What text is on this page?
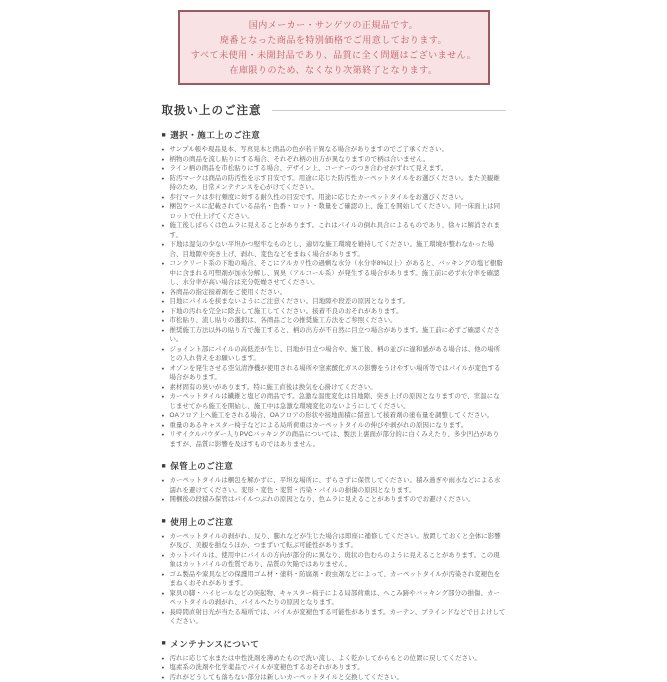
国内メーカー・サンゲツの正規品です。

廃番となった商品を特別価格でご用意しております。

すべて未使用・未開封品であり、品質に全く問題はございません。

在庫限りのため、なくなり次第終了となります。

取扱い上のご注意
■ 選択・施工上のご注意
● サンプル帳や現品見本、写真見本と商品の色が若干異なる場合がありますのでご了承ください。
● 柄物の商品を流し貼りにする場合、それぞれ柄の出方が異なりますので柄は合いません。
● ライン柄の商品を市松貼りにする場合、デザイン上、コーナーのつき合わせがずれて見えます。
● 防汚マークは商品の防汚性を示す目安です。用途に応じた防汚性カーペットタイルをお選びください。また美観維持のため、日常メンテナンスを心がけてください。
● 歩行マークは歩行頻度に対する耐久性の目安です。用途に応じたカーペットタイルをお選びください。
● 梱包ケースに記載されている品名・色番・ロット・数量をご確認の上、施工を開始してください。同一床面上は同ロットで仕上げてください。
● 施工後しばらくは色ムラに見えることがあります。これはパイルの倒れ具合によるものであり、徐々に解消されます。
● 下地は湿気の少ない平坦かつ堅牢なものとし、適切な施工環境を維持してください。施工環境が整わなかった場合、目地隙や突き上げ、剥れ、変色などをまねく場合があります。
● コンクリート系の下地の場合、そこにアルカリ性の過剰な水分（水分率8%以上）があると、バッキングの塩ビ樹脂中に含まれる可塑剤が加水分解し、異臭（アルコール系）が発生する場合があります。施工前に必ず水分率を確認し、水分率が高い場合は充分乾燥させてください。
● 各商品の指定接着剤をご使用ください。
● 目地にパイルを挟まないようにご注意ください。目地隙や段差の原因となります。
● 下地の汚れを完全に除去して施工してください。接着不良のおそれがあります。
● 市松貼り、流し貼りの選択は、各商品ごとの推奨施工方法をご参照ください。
● 推奨施工方法以外の貼り方で施工すると、柄の出方が不自然に目立つ場合があります。施工前に必ずご確認ください。
● ジョイント部にパイルの高低差が生じ、目地が目立つ場合や、施工後、柄の並びに違和感がある場合は、他の場所との入れ替えをお願いします。
● オゾンを発生させる空気清浄機が使用される場所や窒素酸化ガスの影響をうけやすい場所等ではパイルが変色する場合があります。
● 素材固有の臭いがあります。特に施工直後は換気を心掛けてください。
● カーペットタイルは繊維と塩ビの商品です。急激な温度変化は目地隙、突き上げの原因となりますので、室温になじませてから施工を開始し、施工中は急激な環境変化のないようにしてください。
● OAフロア上へ施工をされる場合、OAフロアの形状や接地面積に留意して接着剤の塗布量を調整してください。
● 重量のあるキャスター椅子などによる局所荷重はカーペットタイルの伸びや剥がれの原因になります。
● リサイクルパウダー入りPVCバッキングの商品については、製法上裏面が部分的に白くみえたり、多少凹凸がありますが、品質に影響を及ぼすものではありません。
■ 保管上のご注意
● カーペットタイルは梱包を解かずに、平坦な場所に、ずらさずに保管してください。積み過ぎや雨水などによる水濡れを避けてください。変形・変色・変質・汚染・パイルの損傷の原因となります。
● 開梱後の段積み保管はパイルつぶれの原因となり、色ムラに見えることがありますのでお避けください。
■ 使用上のご注意
● カーペットタイルの剥がれ、反り、膨れなどが生じた場合は即座に補修してください。放置しておくと全体に影響が及び、美観を損なうほか、つまずいて転ぶ可能性があります。
● カットパイルは、使用中にパイルの方向が部分的に異なり、斑状の色むらのように見えることがあります。この現象はカットパイルの性質であり、品質の欠陥ではありません。
● ゴム製品や家具などの保護用ゴム材・塗料・防腐剤・殺虫剤などによって、カーペットタイルが汚染され変褪色をまねくおそれがあります。
● 家具の脚・ハイヒールなどの突起物、キャスター椅子による局部荷重は、へこみ跡やバッキング部分の損傷、カーペットタイルの剥がれ、パイルへたりの原因となります。
● 長時間直射日光が当たる場所では、パイルが変褪色する可能性があります。カーテン、ブラインドなどで日よけしてください。
■ メンテナンスについて
● 汚れに応じて水または中性洗剤を薄めたもので洗い流し、よく乾かしてからもとの位置に戻してください。
● 塩素系の洗剤や化学薬品でパイルが変褪色するおそれがあります。
● 汚れがどうしても落ちない部分は新しいカーペットタイルと交換してください。
